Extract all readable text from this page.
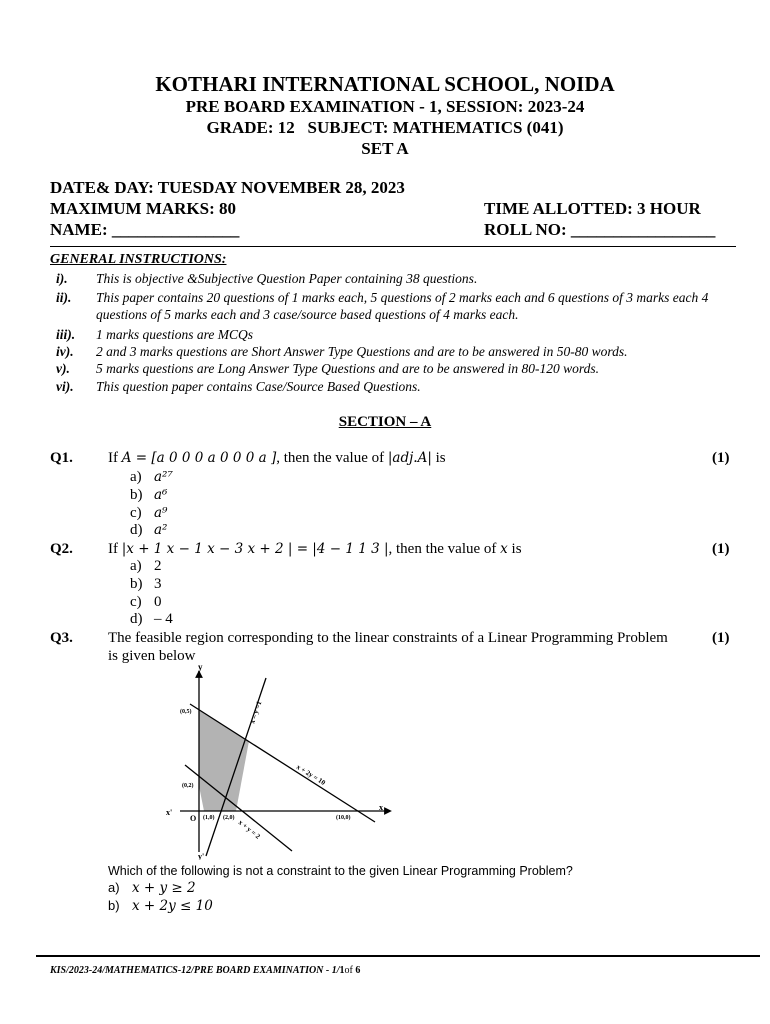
KOTHARI INTERNATIONAL SCHOOL, NOIDA
PRE BOARD EXAMINATION - 1, SESSION: 2023-24
GRADE: 12   SUBJECT: MATHEMATICS (041)
SET A
DATE& DAY: TUESDAY NOVEMBER 28, 2023
MAXIMUM MARKS: 80	TIME ALLOTTED: 3 HOUR
NAME: _______________	ROLL NO: _________________
GENERAL INSTRUCTIONS:
i). This is objective &Subjective Question Paper containing 38 questions.
ii). This paper contains 20 questions of 1 marks each, 5 questions of 2 marks each and 6 questions of 3 marks each 4 questions of 5 marks each and 3 case/source based questions of 4 marks each.
iii). 1 marks questions are MCQs
iv). 2 and 3 marks questions are Short Answer Type Questions and are to be answered in 50-80 words.
v). 5 marks questions are Long Answer Type Questions and are to be answered in 80-120 words.
vi). This question paper contains Case/Source Based Questions.
SECTION – A
Q1. If A = [a 0 0 0 a 0 0 0 a ], then the value of |adj.A| is	(1)
a) a²⁷
b) a⁶
c) a⁹
d) a²
Q2. If |x + 1 x − 1 x − 3 x + 2 | = |4 − 1 1 3 |, then the value of x is	(1)
a) 2
b) 3
c) 0
d) – 4
Q3. The feasible region corresponding to the linear constraints of a Linear Programming Problem
is given below
(1)
y
y'
x
x'
O
(0,5)
(0,2)
(1,0) (2,0)	(10,0)
x – y =1
x + 2y = 10
x + y = 2
Which of the following is not a constraint to the given Linear Programming Problem?
a) x + y ≥ 2
b) x + 2y ≤ 10
KIS/2023-24/MATHEMATICS-12/PRE BOARD EXAMINATION - 1/1of 6
